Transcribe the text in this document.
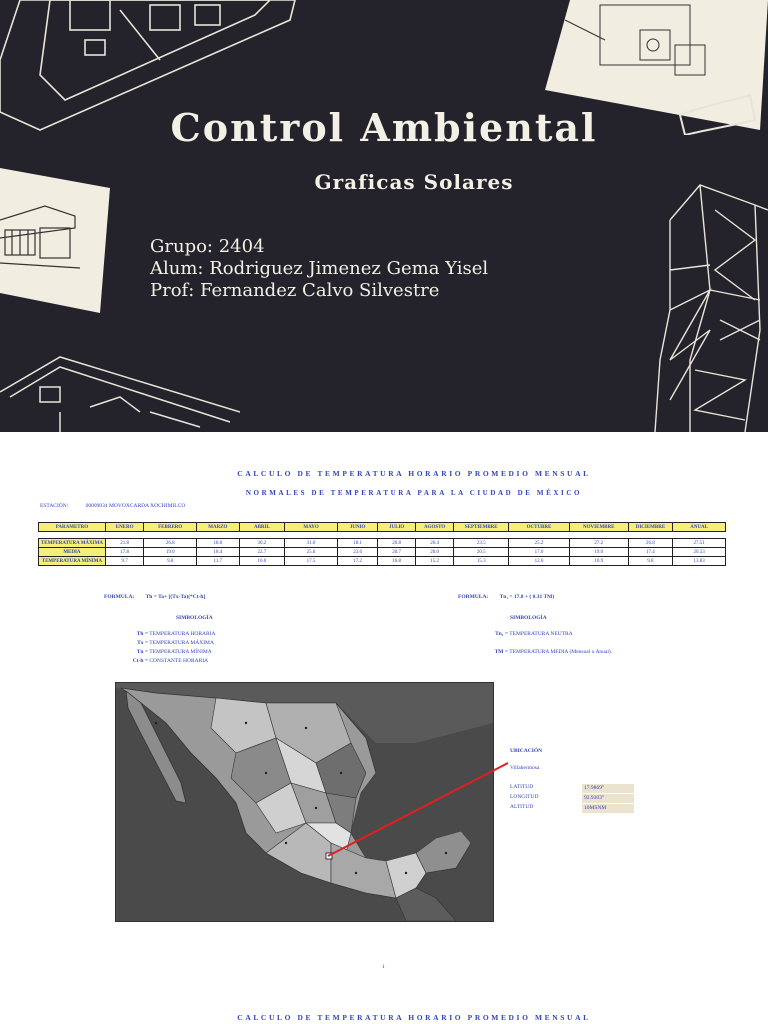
Control Ambiental
Graficas Solares
Grupo: 2404
Alum: Rodriguez Jimenez Gema Yisel
Prof: Fernandez Calvo Silvestre
CALCULO DE TEMPERATURA HORARIO PROMEDIO MENSUAL
NORMALES DE TEMPERATURA PARA LA CIUDAD DE MÉXICO
ESTACIÓN:	00009034 MOVOXCARDA XOCHIMILCO
PARAMETRO	ENERO	FEBRERO	MARZO	ABRIL	MAYO	JUNIO	JULIO	AGOSTO	SEPTIEMBRE	OCTUBRE	NOVIEMBRE	DICIEMBRE	ANUAL

TEMPERATURA MÁXIMA	21.8	26.8	18.0	30.2	31.0	18.1	26.8	26.4	23.5	25.2	27.2	26.8	27.51
MEDIA	17.8	19.0	18.4	22.7	25.6	23.6	20.7	20.0	20.5	17.0	19.0	17.4	20.33
TEMPERATURA MÍNIMA	9.7	9.8	11.7	16.0	17.5	17.2	16.8	15.2	15.3	12.6	10.9	9.8	13.83
FORMULA: Th = Ta+ [(Tx-Ta)(*Ct-h]	FORMULA: Tn₁ = 17.8 + ( 0.31 TM)
SIMBOLOGÍA	SIMBOLOGÍA
Th = TEMPERATURA HORARIA
Tx = TEMPERATURA MÁXIMA
Tn = TEMPERATURA MÍNIMA
Ct-h = CONSTANTE HORARIA
Tn₁ = TEMPERATURA NEUTRA
TM = TEMPERATURA MEDIA (Mensual o Anual).
UBICACIÓN
Villahermosa
LATITUD	17.9869°
LONGITUD	92.9303°
ALTITUD	10MSNM
1
CALCULO DE TEMPERATURA HORARIO PROMEDIO MENSUAL
